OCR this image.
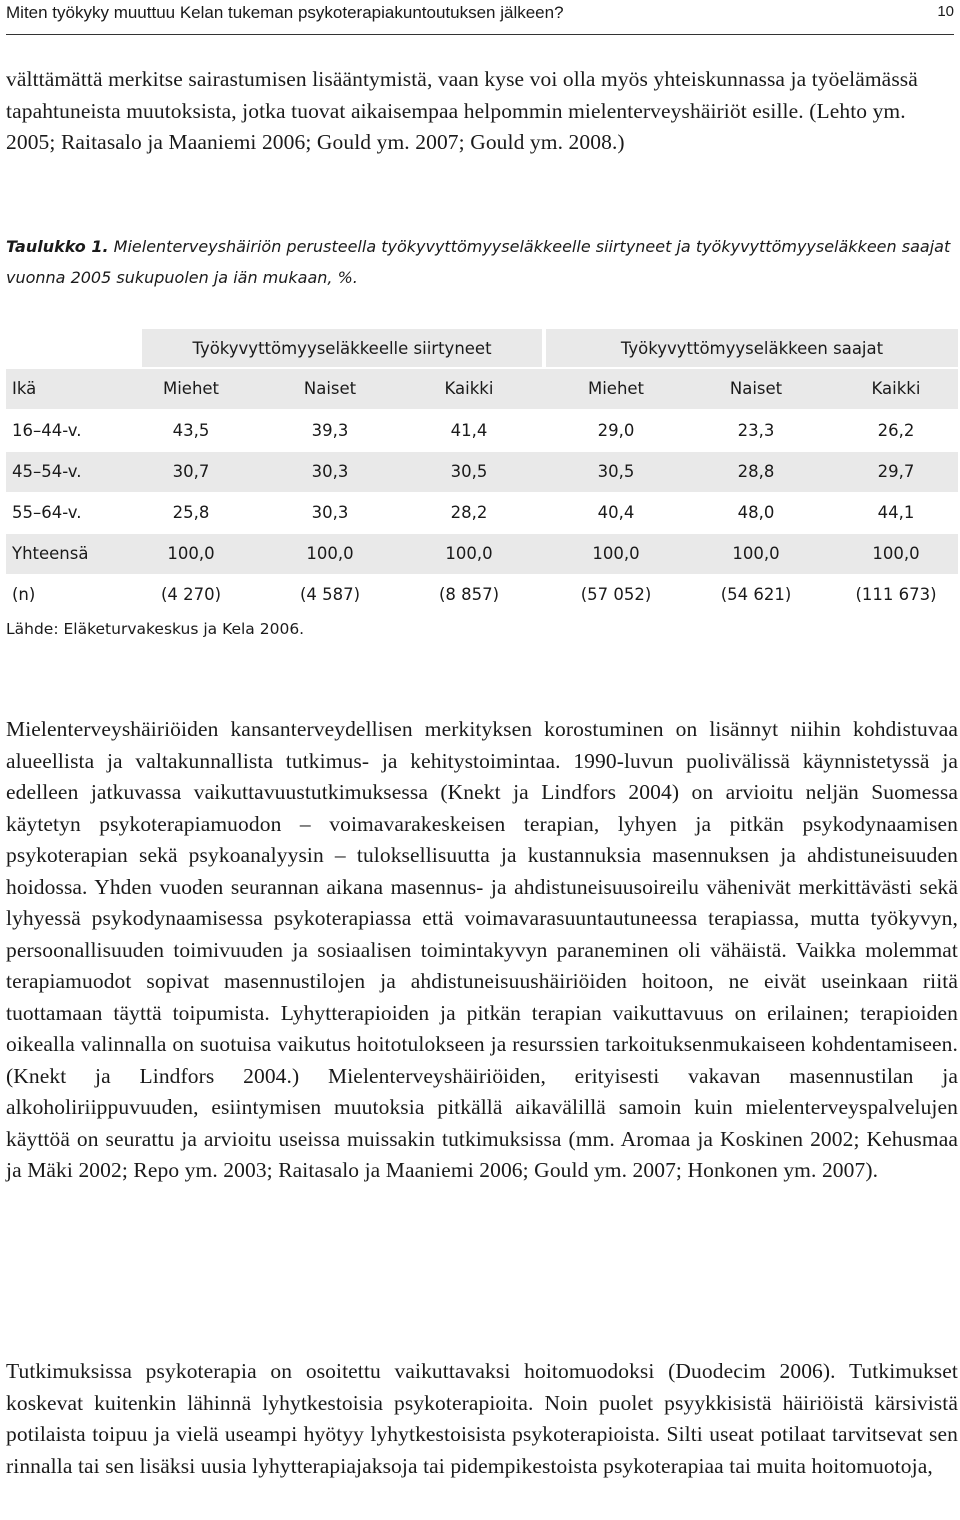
Miten työkyky muuttuu Kelan tukeman psykoterapiakuntoutuksen jälkeen?	10

välttämättä merkitse sairastumisen lisääntymistä, vaan kyse voi olla myös yhteiskunnassa ja työelämässä tapahtuneista muutoksista, jotka tuovat aikaisempaa helpommin mielenterveyshäiriöt esille. (Lehto ym. 2005; Raitasalo ja Maaniemi 2006; Gould ym. 2007; Gould ym. 2008.)

Taulukko 1. Mielenterveyshäiriön perusteella työkyvyttömyyseläkkeelle siirtyneet ja työkyvyttömyyseläkkeen saajat vuonna 2005 sukupuolen ja iän mukaan, %.
Työkyvyttömyyseläkkeelle siirtyneet	Työkyvyttömyyseläkkeen saajat
Ikä	Miehet	Naiset	Kaikki	Miehet	Naiset	Kaikki
16–44-v.	43,5	39,3	41,4	29,0	23,3	26,2
45–54-v.	30,7	30,3	30,5	30,5	28,8	29,7
55–64-v.	25,8	30,3	28,2	40,4	48,0	44,1
Yhteensä	100,0	100,0	100,0	100,0	100,0	100,0
(n)	(4 270)	(4 587)	(8 857)	(57 052)	(54 621)	(111 673)
Lähde: Eläketurvakeskus ja Kela 2006.

Mielenterveyshäiriöiden kansanterveydellisen merkityksen korostuminen on lisännyt niihin kohdistuvaa alueellista ja valtakunnallista tutkimus- ja kehitystoimintaa. 1990-luvun puolivälissä käynnistetyssä ja edelleen jatkuvassa vaikuttavuustutkimuksessa (Knekt ja Lindfors 2004) on arvioitu neljän Suomessa käytetyn psykoterapiamuodon – voimavarakeskeisen terapian, lyhyen ja pitkän psykodynaamisen psykoterapian sekä psykoanalyysin – tuloksellisuutta ja kustannuksia masennuksen ja ahdistuneisuuden hoidossa. Yhden vuoden seurannan aikana masennus- ja ahdistuneisuusoireilu vähenivät merkittävästi sekä lyhyessä psykodynaamisessa psykoterapiassa että voimavarasuuntautuneessa terapiassa, mutta työkyvyn, persoonallisuuden toimivuuden ja sosiaalisen toimintakyvyn paraneminen oli vähäistä. Vaikka molemmat terapiamuodot sopivat masennustilojen ja ahdistuneisuushäiriöiden hoitoon, ne eivät useinkaan riitä tuottamaan täyttä toipumista. Lyhytterapioiden ja pitkän terapian vaikuttavuus on erilainen; terapioiden oikealla valinnalla on suotuisa vaikutus hoitotulokseen ja resurssien tarkoituksenmukaiseen kohdentamiseen. (Knekt ja Lindfors 2004.) Mielenterveyshäiriöiden, erityisesti vakavan masennustilan ja alkoholiriippuvuuden, esiintymisen muutoksia pitkällä aikavälillä samoin kuin mielenterveyspalvelujen käyttöä on seurattu ja arvioitu useissa muissakin tutkimuksissa (mm. Aromaa ja Koskinen 2002; Kehusmaa ja Mäki 2002; Repo ym. 2003; Raitasalo ja Maaniemi 2006; Gould ym. 2007; Honkonen ym. 2007).

Tutkimuksissa psykoterapia on osoitettu vaikuttavaksi hoitomuodoksi (Duodecim 2006). Tutkimukset koskevat kuitenkin lähinnä lyhytkestoisia psykoterapioita. Noin puolet psyykkisistä häiriöistä kärsivistä potilaista toipuu ja vielä useampi hyötyy lyhytkestoisista psykoterapioista. Silti useat potilaat tarvitsevat sen rinnalla tai sen lisäksi uusia lyhytterapiajaksoja tai pidempikestoista psykoterapiaa tai muita hoitomuotoja,
